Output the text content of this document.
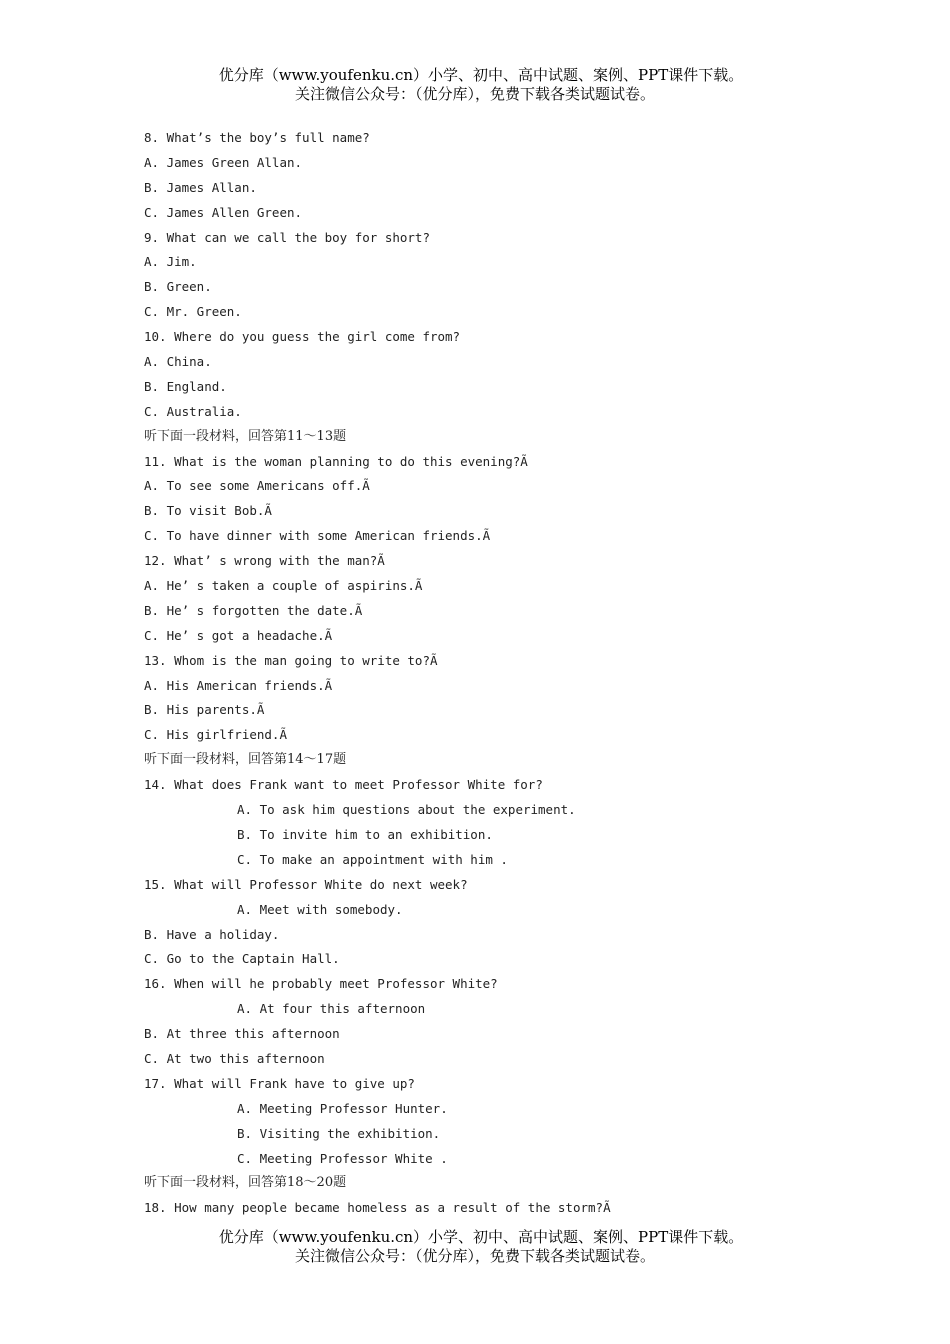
优分库（www.youfenku.cn）小学、初中、高中试题、案例、PPT课件下载。
关注微信公众号：（优分库），免费下载各类试题试卷。
8. What’s the boy’s full name?
A. James Green Allan.
B. James Allan.
C. James Allen Green.
9. What can we call the boy for short?
A. Jim.
B. Green.
C. Mr. Green.
10. Where do you guess the girl come from?
A. China.
B. England.
C. Australia.
听下面一段材料，回答第11～13题
11. What is the woman planning to do this evening?Ã
A. To see some Americans off.Ã
B. To visit Bob.Ã
C. To have dinner with some American friends.Ã
12. What’ s wrong with the man?Ã
A. He’ s taken a couple of aspirins.Ã
B. He’ s forgotten the date.Ã
C. He’ s got a headache.Ã
13. Whom is the man going to write to?Ã
A. His American friends.Ã
B. His parents.Ã
C. His girlfriend.Ã
听下面一段材料，回答第14～17题
14. What does Frank want to meet Professor White for?
A. To ask him questions about the experiment.
B. To invite him to an exhibition.
C. To make an appointment with him .
15. What will Professor White do next week?
A. Meet with somebody.
B. Have a holiday.
C. Go to the Captain Hall.
16. When will he probably meet Professor White?
A. At four this afternoon
B. At three this afternoon
C. At two this afternoon
17. What will Frank have to give up?
A. Meeting Professor Hunter.
B. Visiting the exhibition.
C. Meeting Professor White .
听下面一段材料，回答第18～20题
18. How many people became homeless as a result of the storm?Ã
优分库（www.youfenku.cn）小学、初中、高中试题、案例、PPT课件下载。
关注微信公众号：（优分库），免费下载各类试题试卷。
